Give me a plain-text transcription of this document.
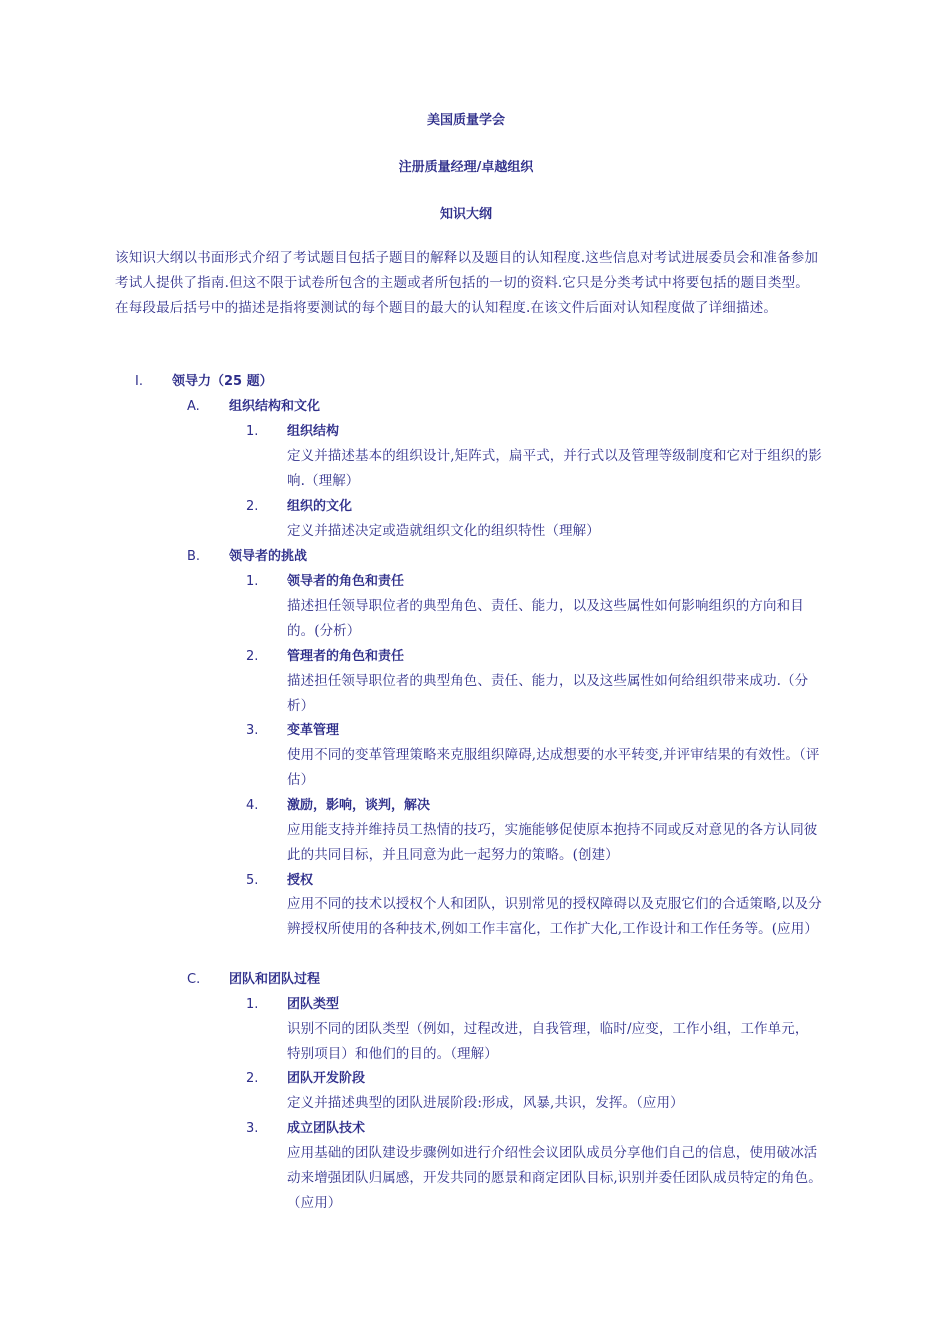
美国质量学会
注册质量经理/卓越组织
知识大纲
该知识大纲以书面形式介绍了考试题目包括子题目的解释以及题目的认知程度.这些信息对考试进展委员会和准备参加考试人提供了指南.但这不限于试卷所包含的主题或者所包括的一切的资料.它只是分类考试中将要包括的题目类型。在每段最后括号中的描述是指将要测试的每个题目的最大的认知程度.在该文件后面对认知程度做了详细描述。
I. 领导力（25 题）
A. 组织结构和文化
1. 组织结构
定义并描述基本的组织设计,矩阵式，扁平式，并行式以及管理等级制度和它对于组织的影响.（理解）
2. 组织的文化
定义并描述决定或造就组织文化的组织特性（理解）
B. 领导者的挑战
1. 领导者的角色和责任
描述担任领导职位者的典型角色、责任、能力，以及这些属性如何影响组织的方向和目的。(分析）
2. 管理者的角色和责任
描述担任领导职位者的典型角色、责任、能力，以及这些属性如何给组织带来成功.（分析）
3. 变革管理
使用不同的变革管理策略来克服组织障碍,达成想要的水平转变,并评审结果的有效性。（评估）
4. 激励，影响，谈判，解决
应用能支持并维持员工热情的技巧，实施能够促使原本抱持不同或反对意见的各方认同彼此的共同目标，并且同意为此一起努力的策略。(创建）
5. 授权
应用不同的技术以授权个人和团队，识别常见的授权障碍以及克服它们的合适策略,以及分辨授权所使用的各种技术,例如工作丰富化，工作扩大化,工作设计和工作任务等。(应用）
C. 团队和团队过程
1. 团队类型
识别不同的团队类型（例如，过程改进，自我管理，临时/应变，工作小组，工作单元，特别项目）和他们的目的。（理解）
2. 团队开发阶段
定义并描述典型的团队进展阶段:形成，风暴,共识，发挥。（应用）
3. 成立团队技术
应用基础的团队建设步骤例如进行介绍性会议团队成员分享他们自己的信息，使用破冰活动来增强团队归属感，开发共同的愿景和商定团队目标,识别并委任团队成员特定的角色。（应用）
